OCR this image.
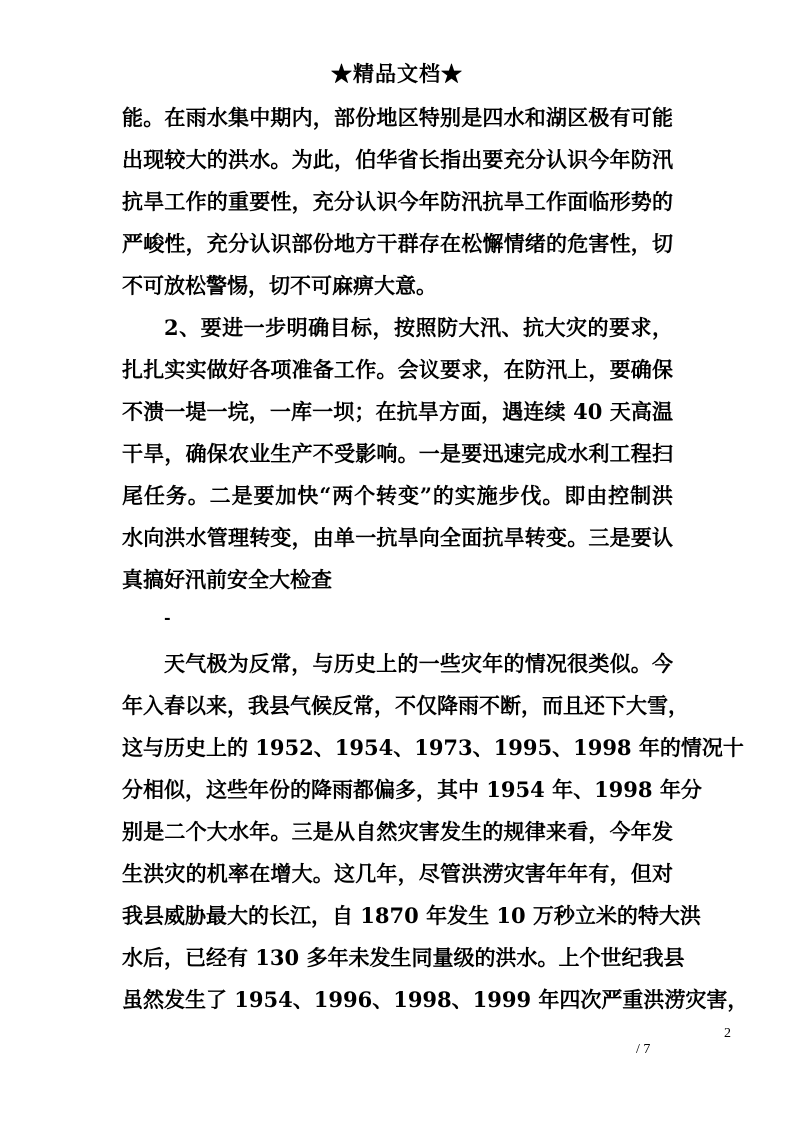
★精品文档★
能。在雨水集中期内，部份地区特别是四水和湖区极有可能
出现较大的洪水。为此，伯华省长指出要充分认识今年防汛
抗旱工作的重要性，充分认识今年防汛抗旱工作面临形势的
严峻性，充分认识部份地方干群存在松懈情绪的危害性，切
不可放松警惕，切不可麻痹大意。
2、要进一步明确目标，按照防大汛、抗大灾的要求，
扎扎实实做好各项准备工作。会议要求，在防汛上，要确保
不溃一堤一垸，一库一坝；在抗旱方面，遇连续 40 天高温
干旱，确保农业生产不受影响。一是要迅速完成水利工程扫
尾任务。二是要加快“两个转变”的实施步伐。即由控制洪
水向洪水管理转变，由单一抗旱向全面抗旱转变。三是要认
真搞好汛前安全大检查
-
天气极为反常，与历史上的一些灾年的情况很类似。今
年入春以来，我县气候反常，不仅降雨不断，而且还下大雪，
这与历史上的 1952、1954、1973、1995、1998 年的情况十
分相似，这些年份的降雨都偏多，其中 1954 年、1998 年分
别是二个大水年。三是从自然灾害发生的规律来看，今年发
生洪灾的机率在增大。这几年，尽管洪涝灾害年年有，但对
我县威胁最大的长江，自 1870 年发生 10 万秒立米的特大洪
水后，已经有 130 多年未发生同量级的洪水。上个世纪我县
虽然发生了 1954、1996、1998、1999 年四次严重洪涝灾害，
2
/ 7
